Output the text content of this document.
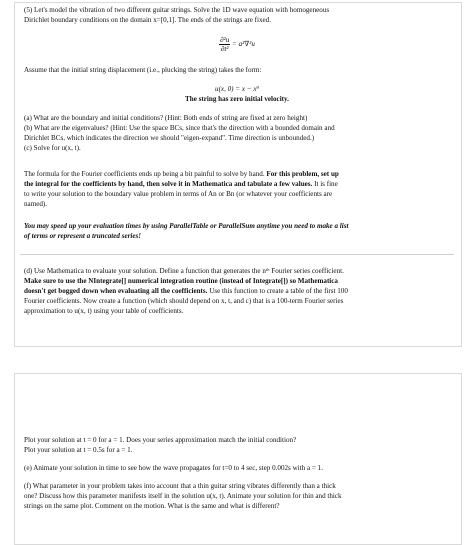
(5) Let's model the vibration of two different guitar strings. Solve the 1D wave equation with homogeneous

Dirichlet boundary conditions on the domain x=[0,1]. The ends of the strings are fixed.

$\frac{\text{∂²u}}{\text{∂t²}} = a^2\nabla^2u$

Assume that the initial string displacement (i.e., plucking the string) takes the form:

u(x, 0) = x − x⁹
The string has zero initial velocity.

(a) What are the boundary and initial conditions? (Hint: Both ends of string are fixed at zero height)

(b) What are the eigenvalues? (Hint: Use the space BCs, since that's the direction with a bounded domain and

Dirichlet BCs, which indicates the direction we should "eigen-expand". Time direction is unbounded.)

(c) Solve for u(x, t).

The formula for the Fourier coefficients ends up being a bit painful to solve by hand. For this problem, set up

the integral for the coefficients by hand, then solve it in Mathematica and tabulate a few values. It is fine

to write your solution to the boundary value problem in terms of An or Bn (or whatever your coefficients are

named).

You may speed up your evaluation times by using ParallelTable or ParallelSum anytime you need to make a list

of terms or represent a truncated series!

(d) Use Mathematica to evaluate your solution. Define a function that generates the nᵗʰ Fourier series coefficient.

Make sure to use the NIntegrate[] numerical integration routine (instead of Integrate[]) so Mathematica

doesn't get bogged down when evaluating all the coefficients. Use this function to create a table of the first 100

Fourier coefficients. Now create a function (which should depend on x, t, and c) that is a 100-term Fourier series

approximation to u(x, t) using your table of coefficients.

Plot your solution at t = 0 for a = 1. Does your series approximation match the initial condition?

Plot your solution at t = 0.5s for a = 1.

(e) Animate your solution in time to see how the wave propagates for t=0 to 4 sec, step 0.002s with a = 1.

(f) What parameter in your problem takes into account that a thin guitar string vibrates differently than a thick

one? Discuss how this parameter manifests itself in the solution u(x, t). Animate your solution for thin and thick

strings on the same plot. Comment on the motion. What is the same and what is different?
